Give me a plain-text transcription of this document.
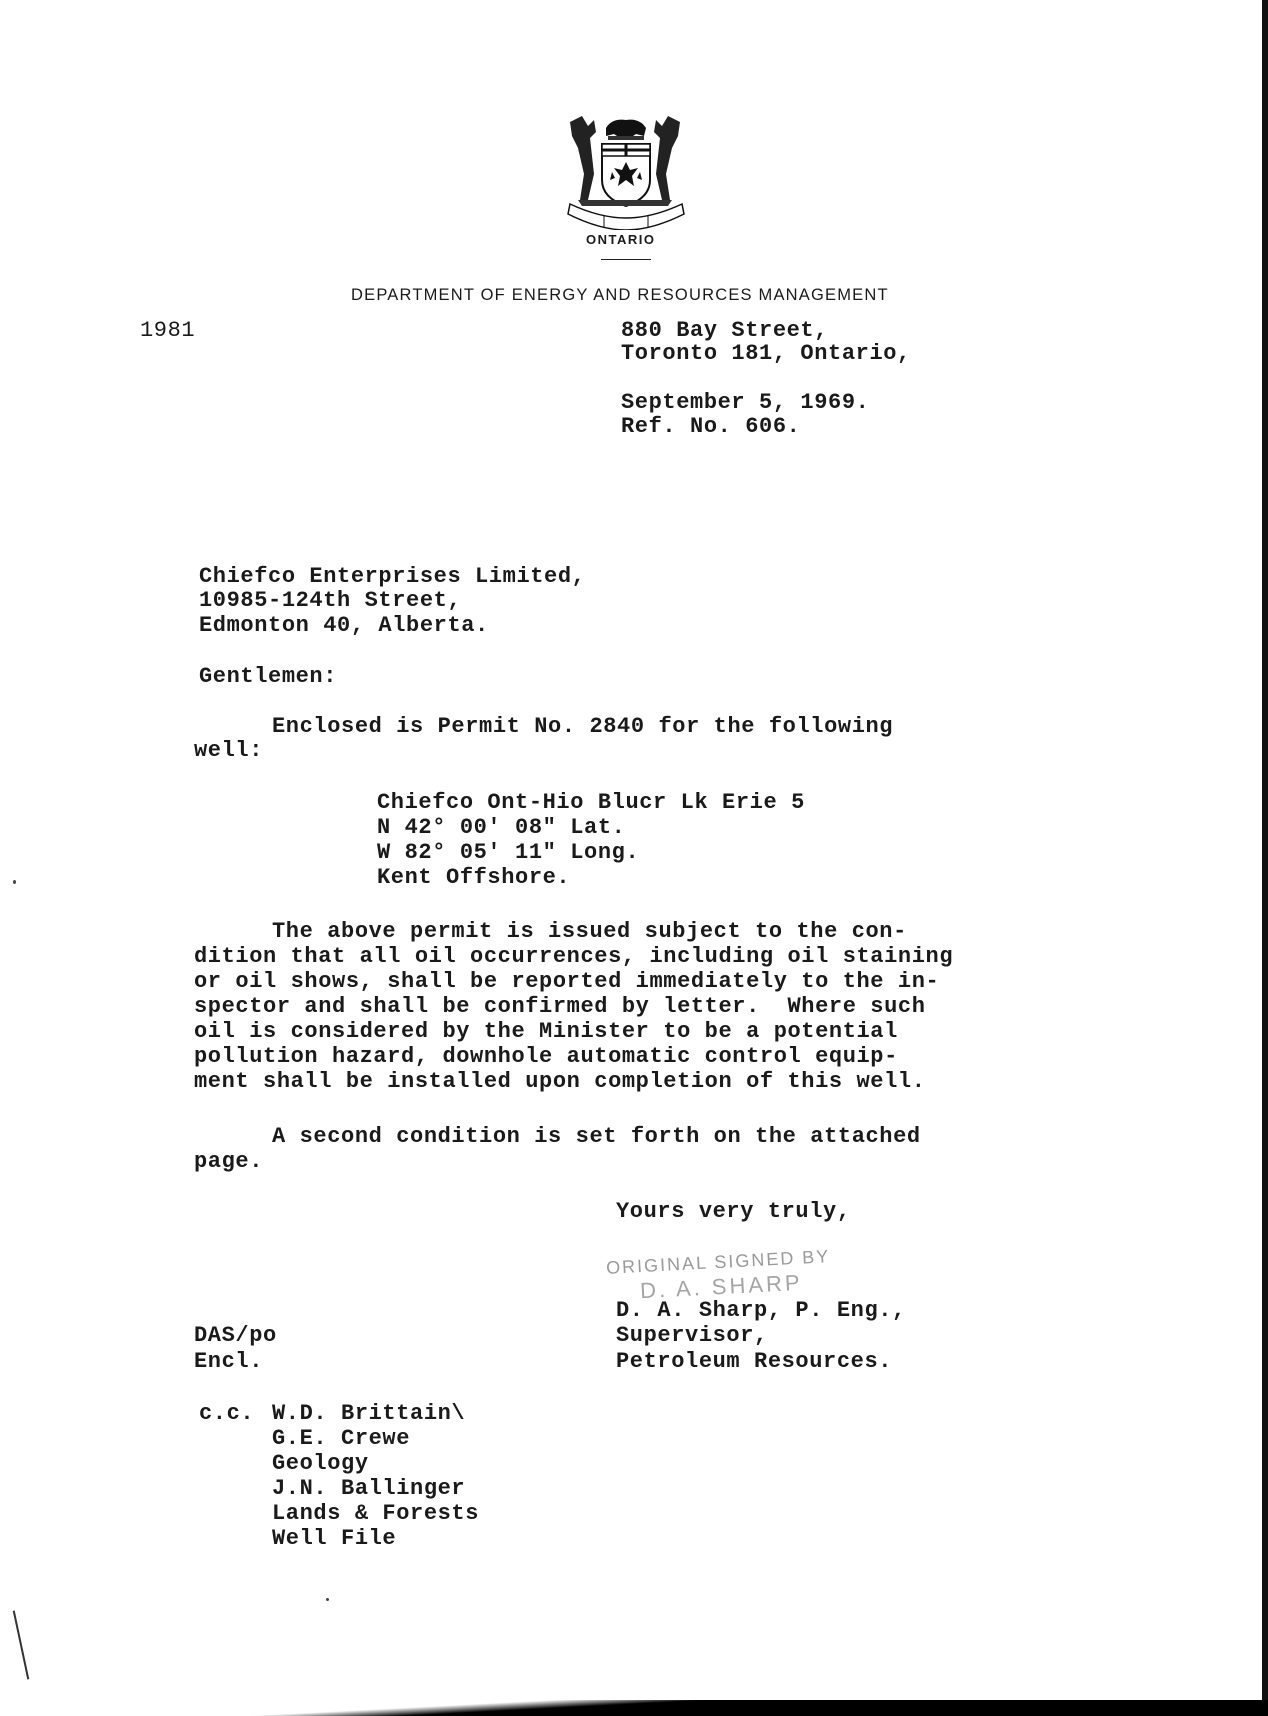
ONTARIO
DEPARTMENT OF ENERGY AND RESOURCES MANAGEMENT
1981	880 Bay Street,
Toronto 181, Ontario,
September 5, 1969.
Ref. No. 606.
Chiefco Enterprises Limited,
10985-124th Street,
Edmonton 40, Alberta.
Gentlemen:
Enclosed is Permit No. 2840 for the following
well:
Chiefco Ont-Hio Blucr Lk Erie 5
N 42° 00' 08" Lat.
W 82° 05' 11" Long.
Kent Offshore.
The above permit is issued subject to the con-
dition that all oil occurrences, including oil staining
or oil shows, shall be reported immediately to the in-
spector and shall be confirmed by letter.  Where such
oil is considered by the Minister to be a potential
pollution hazard, downhole automatic control equip-
ment shall be installed upon completion of this well.
A second condition is set forth on the attached
page.
Yours very truly,
ORIGINAL SIGNED BY
D. A. SHARP
D. A. Sharp, P. Eng.,
Supervisor,
Petroleum Resources.
DAS/po
Encl.
c.c. W.D. Brittain\
G.E. Crewe
Geology
J.N. Ballinger
Lands & Forests
Well File
